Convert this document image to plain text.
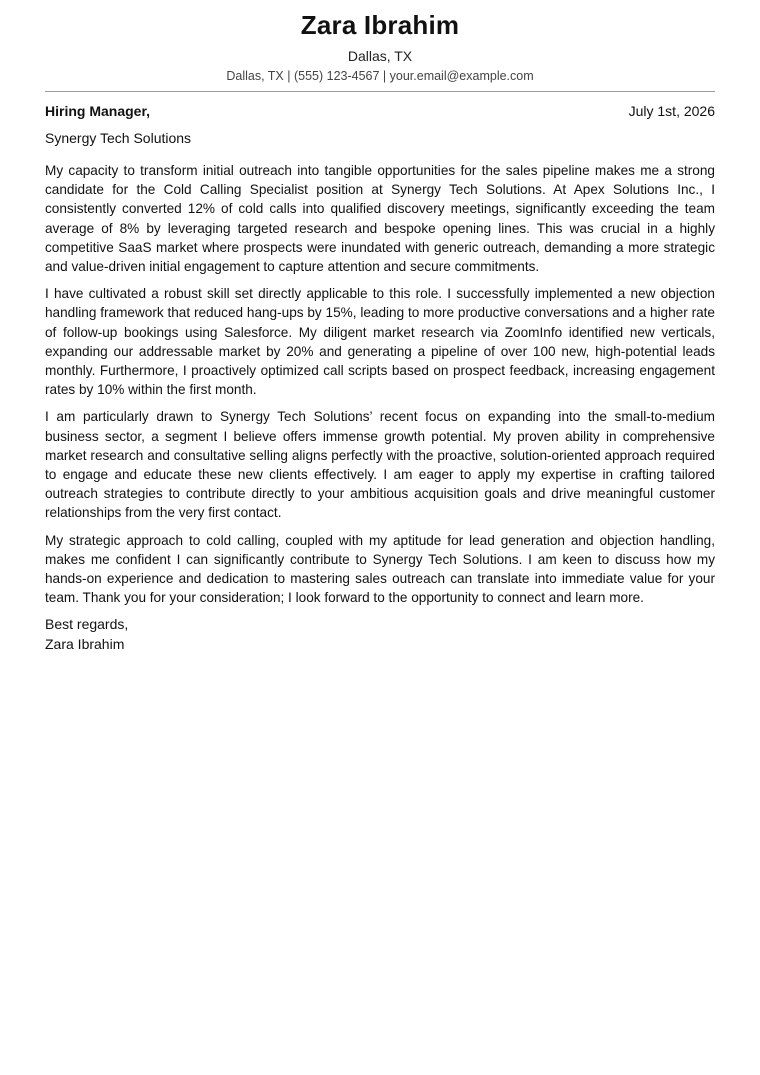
Zara Ibrahim
Dallas, TX
Dallas, TX | (555) 123-4567 | your.email@example.com
Hiring Manager,	July 1st, 2026
Synergy Tech Solutions

My capacity to transform initial outreach into tangible opportunities for the sales pipeline makes me a strong candidate for the Cold Calling Specialist position at Synergy Tech Solutions. At Apex Solutions Inc., I consistently converted 12% of cold calls into qualified discovery meetings, significantly exceeding the team average of 8% by leveraging targeted research and bespoke opening lines. This was crucial in a highly competitive SaaS market where prospects were inundated with generic outreach, demanding a more strategic and value-driven initial engagement to capture attention and secure commitments.

I have cultivated a robust skill set directly applicable to this role. I successfully implemented a new objection handling framework that reduced hang-ups by 15%, leading to more productive conversations and a higher rate of follow-up bookings using Salesforce. My diligent market research via ZoomInfo identified new verticals, expanding our addressable market by 20% and generating a pipeline of over 100 new, high-potential leads monthly. Furthermore, I proactively optimized call scripts based on prospect feedback, increasing engagement rates by 10% within the first month.

I am particularly drawn to Synergy Tech Solutions’ recent focus on expanding into the small-to-medium business sector, a segment I believe offers immense growth potential. My proven ability in comprehensive market research and consultative selling aligns perfectly with the proactive, solution-oriented approach required to engage and educate these new clients effectively. I am eager to apply my expertise in crafting tailored outreach strategies to contribute directly to your ambitious acquisition goals and drive meaningful customer relationships from the very first contact.

My strategic approach to cold calling, coupled with my aptitude for lead generation and objection handling, makes me confident I can significantly contribute to Synergy Tech Solutions. I am keen to discuss how my hands-on experience and dedication to mastering sales outreach can translate into immediate value for your team. Thank you for your consideration; I look forward to the opportunity to connect and learn more.

Best regards,
Zara Ibrahim
